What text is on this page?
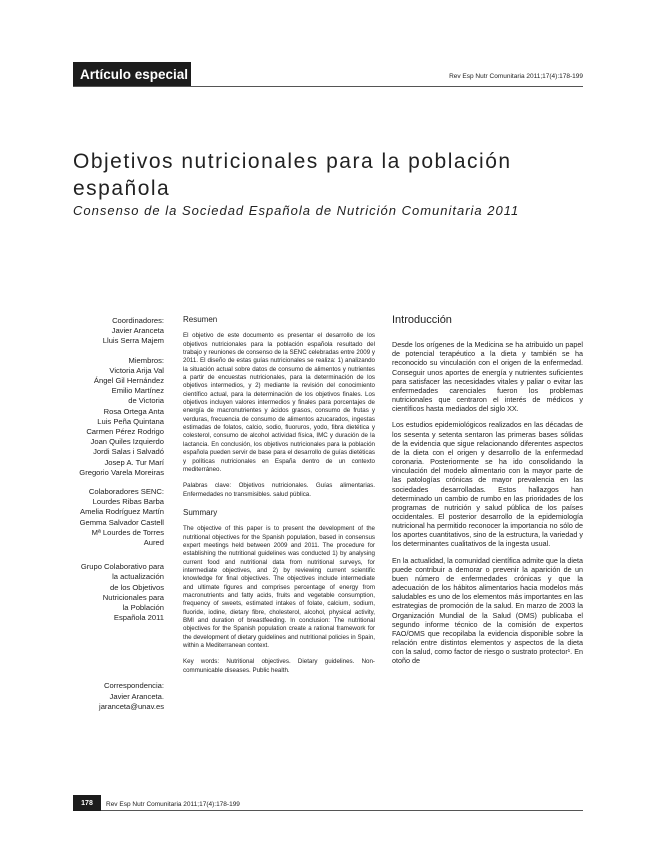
Artículo especial	Rev Esp Nutr Comunitaria 2011;17(4):178-199
Objetivos nutricionales para la población española
Consenso de la Sociedad Española de Nutrición Comunitaria 2011
Coordinadores:
Javier Aranceta
Lluis Serra Majem
Miembros:
Victoria Arija Val
Ángel Gil Hernández
Emilio Martínez
de Victoria
Rosa Ortega Anta
Luis Peña Quintana
Carmen Pérez Rodrigo
Joan Quiles Izquierdo
Jordi Salas i Salvadó
Josep A. Tur Marí
Gregorio Varela Moreiras
Colaboradores SENC:
Lourdes Ribas Barba
Amelia Rodríguez Martín
Gemma Salvador Castell
Mª Lourdes de Torres
Aured
Grupo Colaborativo para
la actualización
de los Objetivos
Nutricionales para
la Población
Española 2011
Correspondencia:
Javier Aranceta.
jaranceta@unav.es
Resumen

El objetivo de este documento es presentar el desarrollo de los objetivos nutricionales para la población española resultado del trabajo y reuniones de consenso de la SENC celebradas entre 2009 y 2011. El diseño de estas guías nutricionales se realiza: 1) analizando la situación actual sobre datos de consumo de alimentos y nutrientes a partir de encuestas nutricionales, para la determinación de los objetivos intermedios, y 2) mediante la revisión del conocimiento científico actual, para la determinación de los objetivos finales. Los objetivos incluyen valores intermedios y finales para porcentajes de energía de macronutrientes y ácidos grasos, consumo de frutas y verduras, frecuencia de consumo de alimentos azucarados, ingestas estimadas de folatos, calcio, sodio, fluoruros, yodo, fibra dietética y colesterol, consumo de alcohol actividad física, IMC y duración de la lactancia. En conclusión, los objetivos nutricionales para la población española pueden servir de base para el desarrollo de guías dietéticas y políticas nutricionales en España dentro de un contexto mediterráneo.

Palabras clave: Objetivos nutricionales. Guías alimentarias. Enfermedades no transmisibles. salud pública.

Summary

The objective of this paper is to present the development of the nutritional objectives for the Spanish population, based in consensus expert meetings held between 2009 and 2011. The procedure for establishing the nutritional guidelines was conducted 1) by analysing current food and nutritional data from nutritional surveys, for intermediate objectives, and 2) by reviewing current scientific knowledge for final objectives. The objectives include intermediate and ultimate figures and comprises percentage of energy from macronutrients and fatty acids, fruits and vegetable consumption, frequency of sweets, estimated intakes of folate, calcium, sodium, fluoride, iodine, dietary fibre, cholesterol, alcohol, physical activity, BMI and duration of breastfeeding. In conclusion: The nutritional objectives for the Spanish population create a rational framework for the development of dietary guidelines and nutritional policies in Spain, within a Mediterranean context.

Key words: Nutritional objectives. Dietary guidelines. Non-communicable diseases. Public health.

Introducción

Desde los orígenes de la Medicina se ha atribuido un papel de potencial terapéutico a la dieta y también se ha reconocido su vinculación con el origen de la enfermedad. Conseguir unos aportes de energía y nutrientes suficientes para satisfacer las necesidades vitales y paliar o evitar las enfermedades carenciales fueron los problemas nutricionales que centraron el interés de médicos y científicos hasta mediados del siglo XX.

Los estudios epidemiológicos realizados en las décadas de los sesenta y setenta sentaron las primeras bases sólidas de la evidencia que sigue relacionando diferentes aspectos de la dieta con el origen y desarrollo de la enfermedad coronaria. Posteriormente se ha ido consolidando la vinculación del modelo alimentario con la mayor parte de las patologías crónicas de mayor prevalencia en las sociedades desarrolladas. Estos hallazgos han determinado un cambio de rumbo en las prioridades de los programas de nutrición y salud pública de los países occidentales. El posterior desarrollo de la epidemiología nutricional ha permitido reconocer la importancia no sólo de los aportes cuantitativos, sino de la estructura, la variedad y los determinantes cualitativos de la ingesta usual.

En la actualidad, la comunidad científica admite que la dieta puede contribuir a demorar o prevenir la aparición de un buen número de enfermedades crónicas y que la adecuación de los hábitos alimentarios hacia modelos más saludables es uno de los elementos más importantes en las estrategias de promoción de la salud. En marzo de 2003 la Organización Mundial de la Salud (OMS) publicaba el segundo informe técnico de la comisión de expertos FAO/OMS que recopilaba la evidencia disponible sobre la relación entre distintos elementos y aspectos de la dieta con la salud, como factor de riesgo o sustrato protector¹. En otoño de

178	Rev Esp Nutr Comunitaria 2011;17(4):178-199
